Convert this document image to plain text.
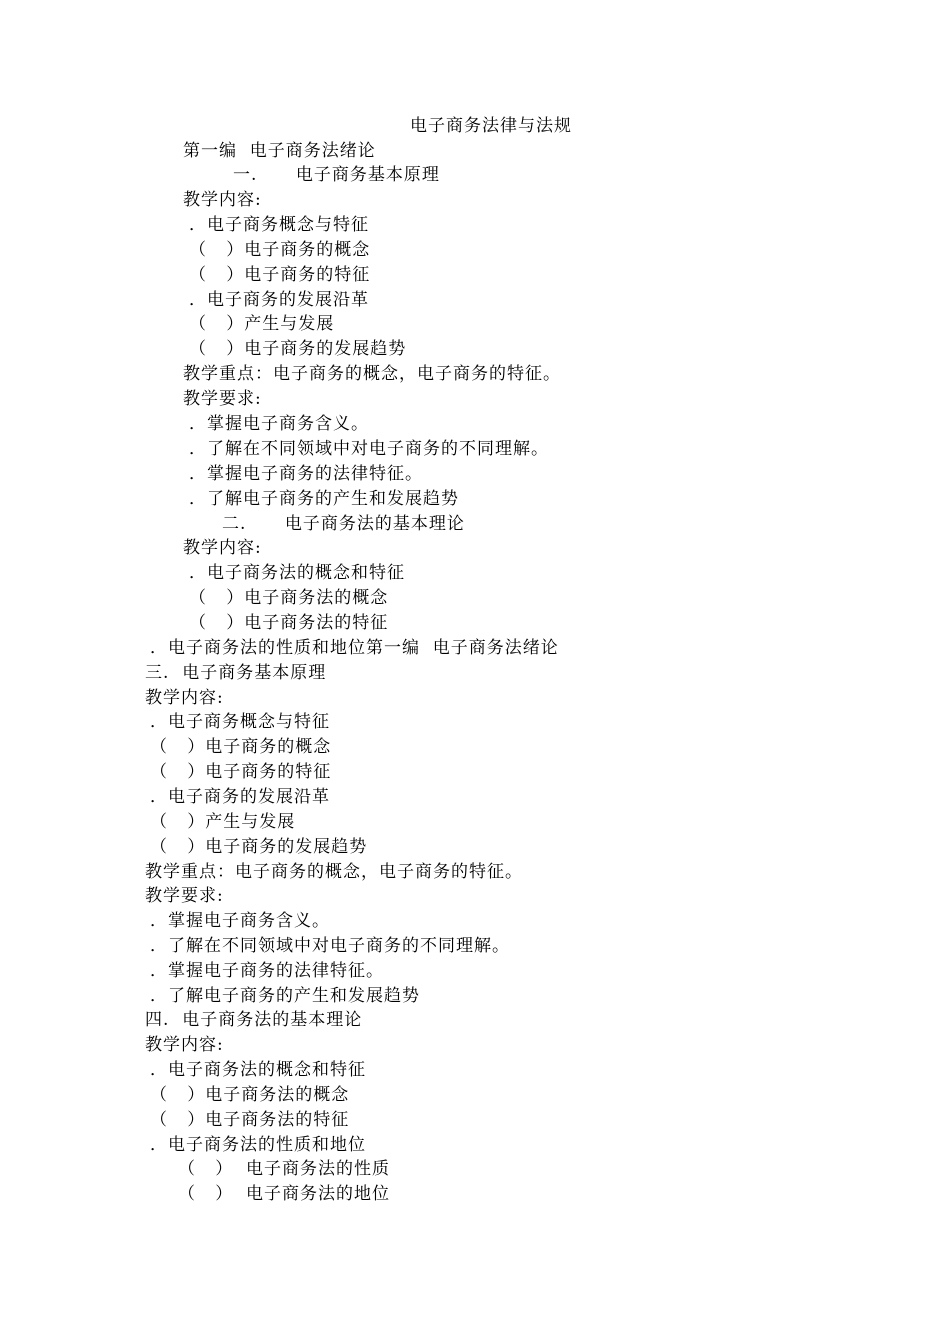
电子商务法律与法规
第一编  电子商务法绪论
一.      电子商务基本原理
教学内容:
．电子商务概念与特征
（   ）电子商务的概念
（   ）电子商务的特征
．电子商务的发展沿革
（   ）产生与发展
（   ）电子商务的发展趋势
教学重点：电子商务的概念，电子商务的特征。
教学要求:
．掌握电子商务含义。
．了解在不同领域中对电子商务的不同理解。
．掌握电子商务的法律特征。
．了解电子商务的产生和发展趋势
二.      电子商务法的基本理论
教学内容:
．电子商务法的概念和特征
（   ）电子商务法的概念
（   ）电子商务法的特征
．电子商务法的性质和地位第一编  电子商务法绪论
三.  电子商务基本原理
教学内容:
．电子商务概念与特征
（   ）电子商务的概念
（   ）电子商务的特征
．电子商务的发展沿革
（   ）产生与发展
（   ）电子商务的发展趋势
教学重点：电子商务的概念，电子商务的特征。
教学要求:
．掌握电子商务含义。
．了解在不同领域中对电子商务的不同理解。
．掌握电子商务的法律特征。
．了解电子商务的产生和发展趋势
四.  电子商务法的基本理论
教学内容:
．电子商务法的概念和特征
（   ）电子商务法的概念
（   ）电子商务法的特征
．电子商务法的性质和地位
（   ）  电子商务法的性质
（   ）  电子商务法的地位
